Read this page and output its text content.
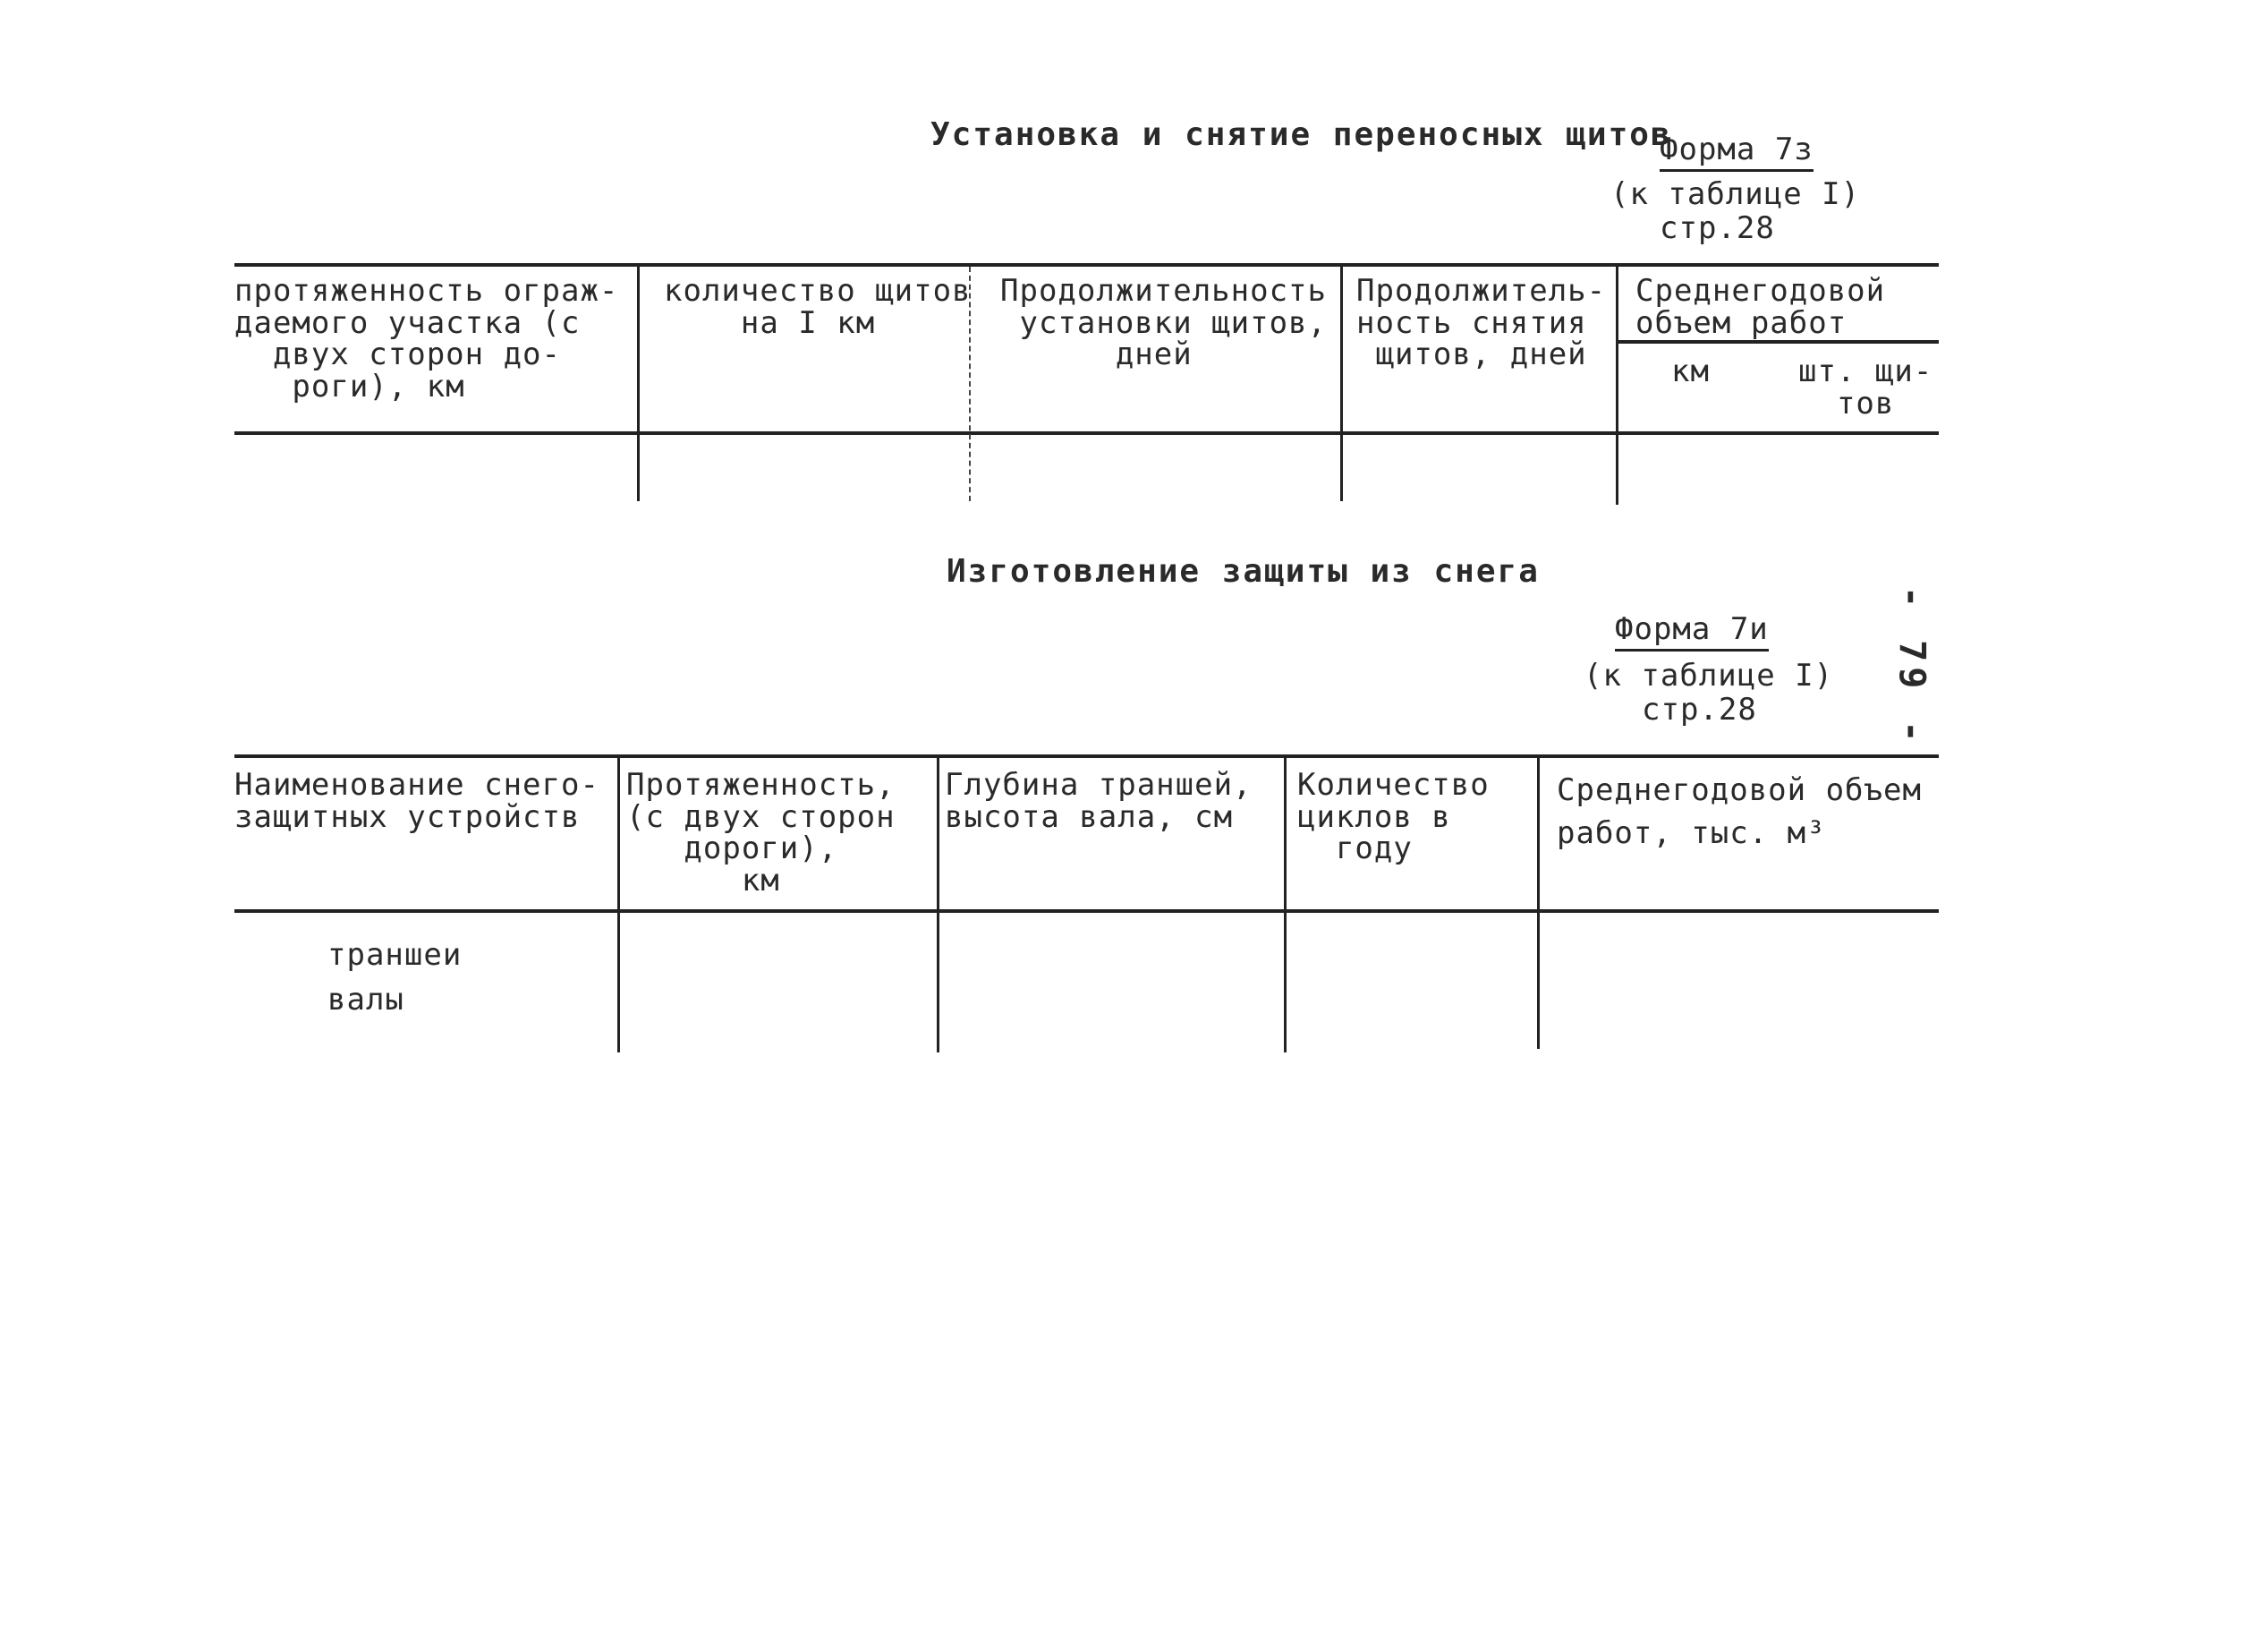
Установка и снятие переносных щитов
Форма 7з
(к таблице I)
стр.28
протяженность ограж-
даемого участка (с
двух сторон до-
роги), км
количество щитов
на I км
Продолжительность
установки щитов,
дней
Продолжитель-
ность снятия
щитов, дней
Среднегодовой
объем работ
км	шт. щи-
тов
Изготовление защиты из снега
Форма 7и
(к таблице I)
стр.28	- 79 -
Наименование снего-
защитных устройств
Протяженность,
(с двух сторон
дороги),
км
Глубина траншей,
высота вала, см
Количество
циклов в
году
Среднегодовой объем
работ, тыс. м³
траншеи
валы
